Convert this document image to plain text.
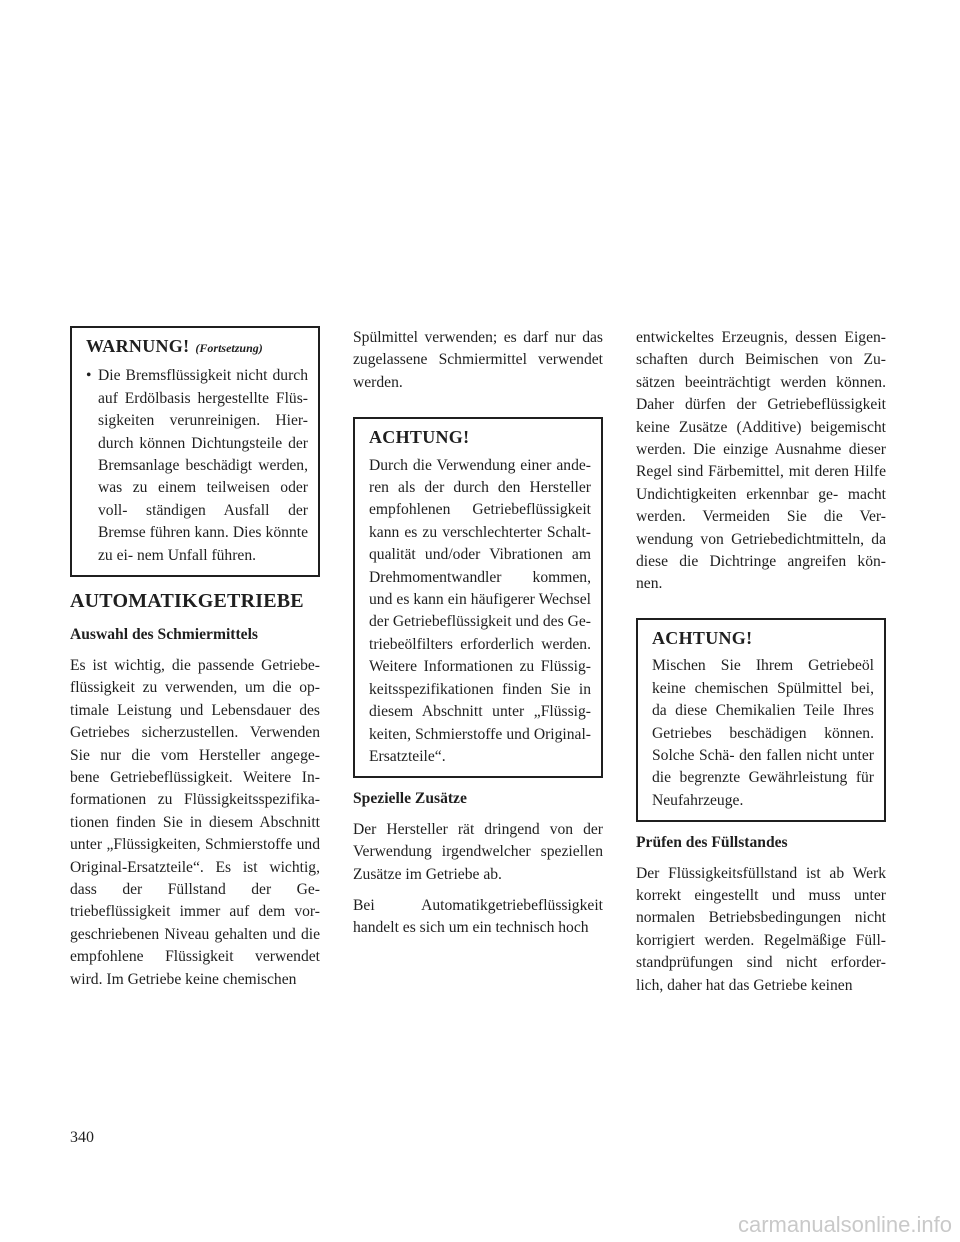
WARNUNG! (Fortsetzung)
• Die Bremsflüssigkeit nicht durch auf Erdölbasis hergestellte Flüs- sigkeiten verunreinigen. Hier- durch können Dichtungsteile der Bremsanlage beschädigt werden, was zu einem teilweisen oder voll- ständigen Ausfall der Bremse führen kann. Dies könnte zu ei- nem Unfall führen.
AUTOMATIKGETRIEBE
Auswahl des Schmiermittels

Es ist wichtig, die passende Getriebe- flüssigkeit zu verwenden, um die op- timale Leistung und Lebensdauer des Getriebes sicherzustellen. Verwenden Sie nur die vom Hersteller angege- bene Getriebeflüssigkeit. Weitere In- formationen zu Flüssigkeitsspezifika- tionen finden Sie in diesem Abschnitt unter „Flüssigkeiten, Schmierstoffe und Original-Ersatzteile“. Es ist wichtig, dass der Füllstand der Ge- triebeflüssigkeit immer auf dem vor- geschriebenen Niveau gehalten und die empfohlene Flüssigkeit verwendet wird. Im Getriebe keine chemischen

Spülmittel verwenden; es darf nur das zugelassene Schmiermittel verwendet werden.

ACHTUNG!

Durch die Verwendung einer ande- ren als der durch den Hersteller empfohlenen Getriebeflüssigkeit kann es zu verschlechterter Schalt- qualität und/oder Vibrationen am Drehmomentwandler kommen, und es kann ein häufigerer Wechsel der Getriebeflüssigkeit und des Ge- triebeölfilters erforderlich werden. Weitere Informationen zu Flüssig- keitsspezifikationen finden Sie in diesem Abschnitt unter „Flüssig- keiten, Schmierstoffe und Original- Ersatzteile“.

Spezielle Zusätze

Der Hersteller rät dringend von der Verwendung irgendwelcher speziellen Zusätze im Getriebe ab.

Bei Automatikgetriebeflüssigkeit handelt es sich um ein technisch hoch

entwickeltes Erzeugnis, dessen Eigen- schaften durch Beimischen von Zu- sätzen beeinträchtigt werden können. Daher dürfen der Getriebeflüssigkeit keine Zusätze (Additive) beigemischt werden. Die einzige Ausnahme dieser Regel sind Färbemittel, mit deren Hilfe Undichtigkeiten erkennbar ge- macht werden. Vermeiden Sie die Ver- wendung von Getriebedichtmitteln, da diese die Dichtringe angreifen kön- nen.

ACHTUNG!

Mischen Sie Ihrem Getriebeöl keine chemischen Spülmittel bei, da diese Chemikalien Teile Ihres Getriebes beschädigen können. Solche Schä- den fallen nicht unter die begrenzte Gewährleistung für Neufahrzeuge.

Prüfen des Füllstandes

Der Flüssigkeitsfüllstand ist ab Werk korrekt eingestellt und muss unter normalen Betriebsbedingungen nicht korrigiert werden. Regelmäßige Füll- standprüfungen sind nicht erforder- lich, daher hat das Getriebe keinen

340
carmanualsonline.info
